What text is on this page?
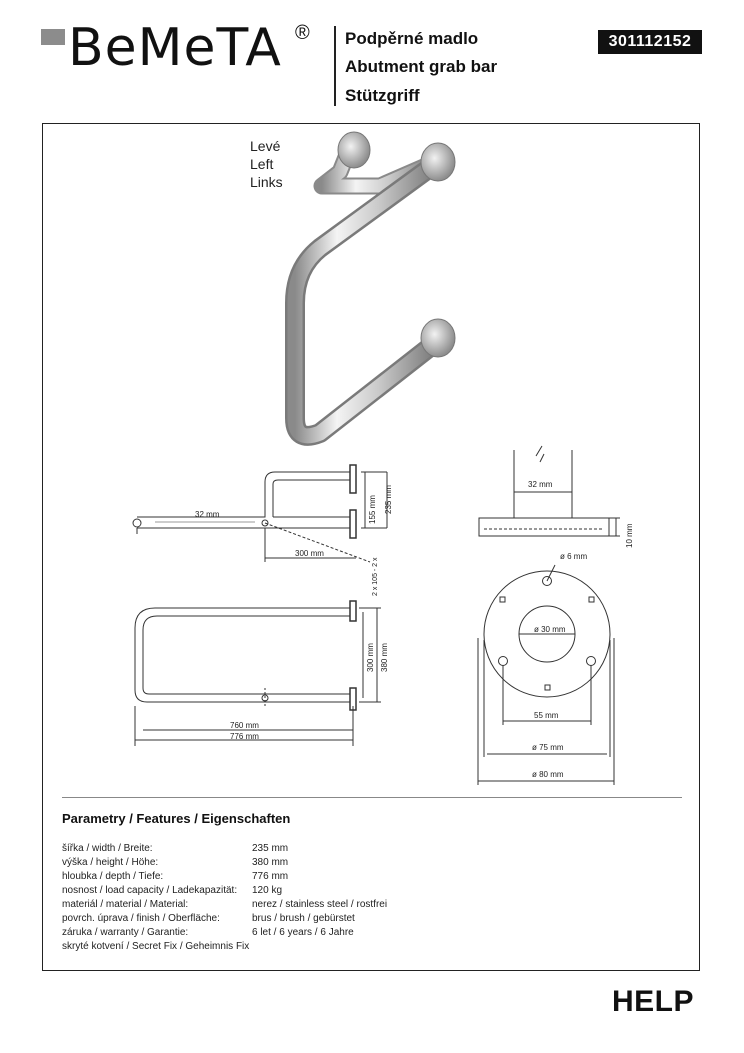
BeMeTA ® Podpěrné madlo
Abutment grab bar
Stützgriff
301112152
Levé
Left
Links
32 mm
300 mm
155 mm 235 mm
2 x 105 - 2 x
760 mm
776 mm
300 mm 380 mm
32 mm
10 mm
ø 6 mm
ø 30 mm
55 mm
ø 75 mm
ø 80 mm
Parametry / Features / Eigenschaften
šířka / width / Breite:	235 mm
výška / height / Höhe:	380 mm
hloubka / depth / Tiefe:	776 mm
nosnost / load capacity / Ladekapazität: 120 kg
materiál / material / Material:	nerez / stainless steel / rostfrei
povrch. úprava / finish / Oberfläche:	brus / brush / gebürstet
záruka / warranty / Garantie:	6 let / 6 years / 6 Jahre
skryté kotvení / Secret Fix / Geheimnis Fix
HELP
